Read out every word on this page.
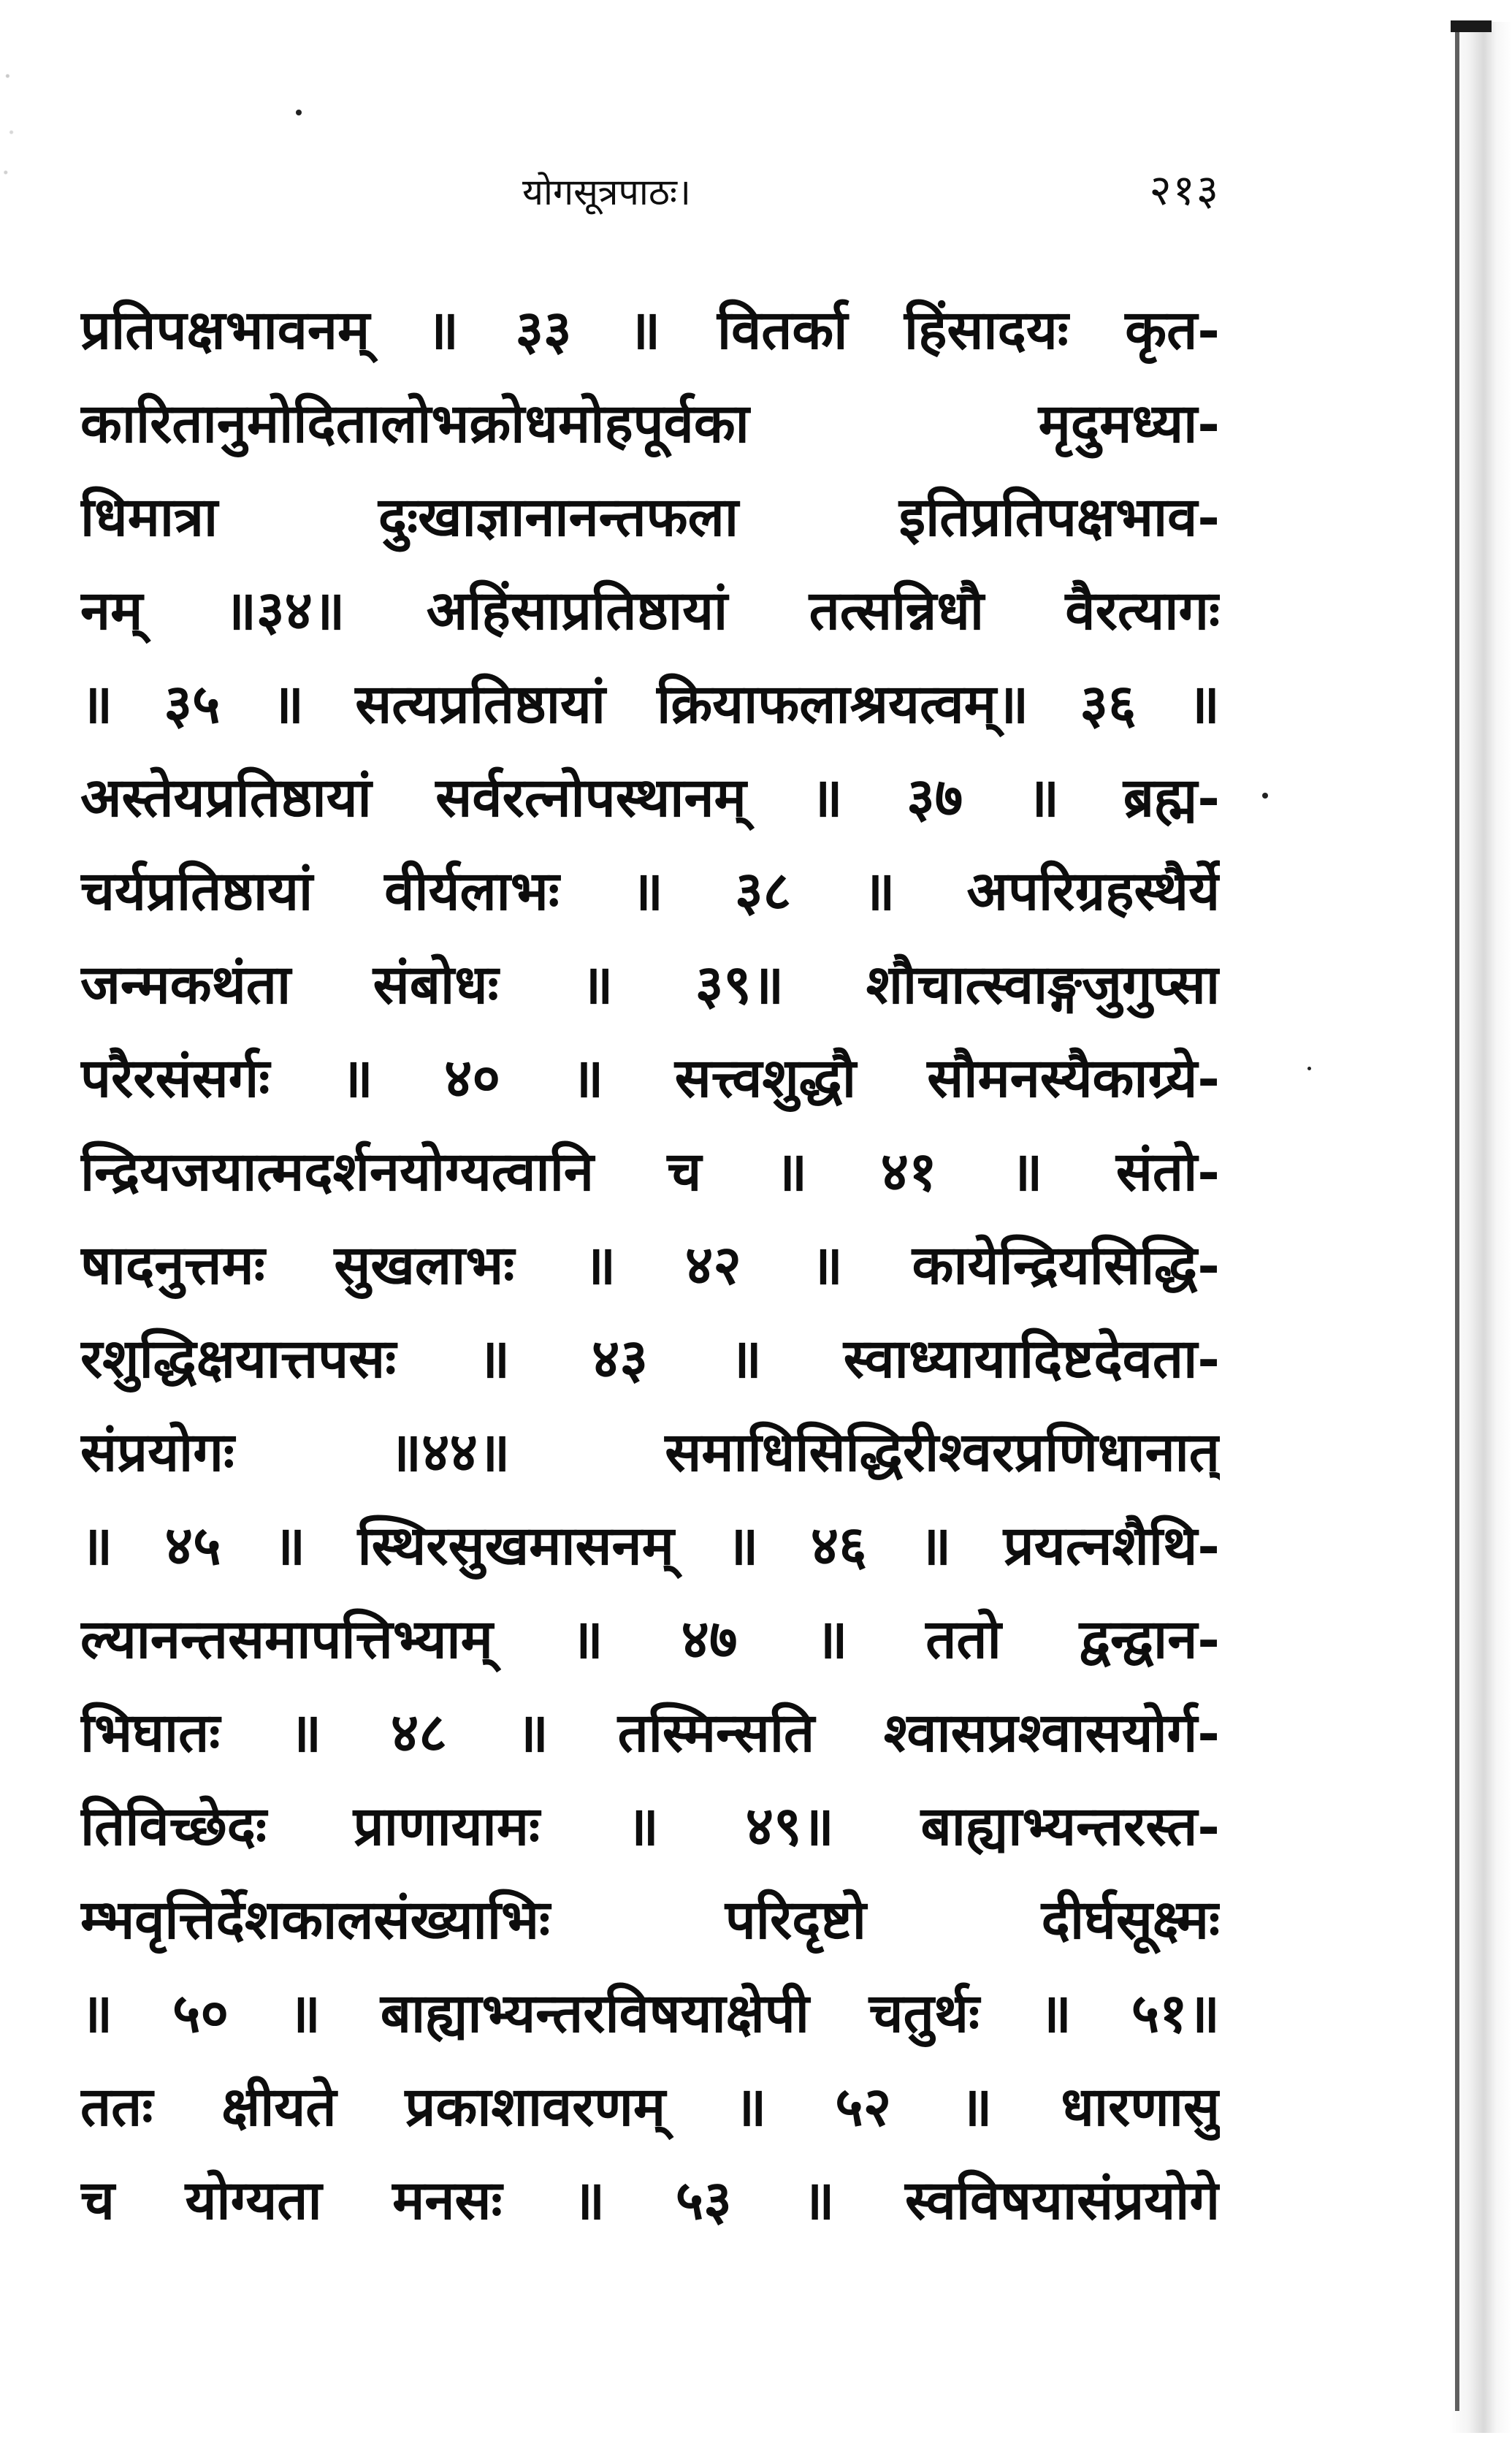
योगसूत्रपाठः।	२१३
प्रतिपक्षभावनम् ॥ ३३ ॥ वितर्का हिंसादयः कृत-
कारितानुमोदितालोभक्रोधमोहपूर्वका मृदुमध्या-
धिमात्रा दुःखाज्ञानानन्तफला इतिप्रतिपक्षभाव-
नम् ॥३४॥ अहिंसाप्रतिष्ठायां तत्सन्निधौ वैरत्यागः
॥ ३५ ॥ सत्यप्रतिष्ठायां क्रियाफलाश्रयत्वम्॥ ३६ ॥
अस्तेयप्रतिष्ठायां सर्वरत्नोपस्थानम् ॥ ३७ ॥ ब्रह्म-
चर्यप्रतिष्ठायां वीर्यलाभः ॥ ३८ ॥ अपरिग्रहस्थैर्ये
जन्मकथंता संबोधः ॥ ३९॥ शौचात्स्वाङ्गजुगुप्सा
परैरसंसर्गः ॥ ४० ॥ सत्त्वशुद्धौ सौमनस्यैकाग्र्ये-
न्द्रियजयात्मदर्शनयोग्यत्वानि च ॥ ४१ ॥ संतो-
षादनुत्तमः सुखलाभः ॥ ४२ ॥ कायेन्द्रियसिद्धि-
रशुद्धिक्षयात्तपसः ॥ ४३ ॥ स्वाध्यायादिष्टदेवता-
संप्रयोगः ॥४४॥ समाधिसिद्धिरीश्वरप्रणिधानात्
॥ ४५ ॥ स्थिरसुखमासनम् ॥ ४६ ॥ प्रयत्नशैथि-
ल्यानन्तसमापत्तिभ्याम् ॥ ४७ ॥ ततो द्वन्द्वान-
भिघातः ॥ ४८ ॥ तस्मिन्सति श्वासप्रश्वासयोर्ग-
तिविच्छेदः प्राणायामः ॥ ४९॥ बाह्याभ्यन्तरस्त-
म्भवृत्तिर्देशकालसंख्याभिः परिदृष्टो दीर्घसूक्ष्मः
॥ ५० ॥ बाह्याभ्यन्तरविषयाक्षेपी चतुर्थः ॥ ५१॥
ततः क्षीयते प्रकाशावरणम् ॥ ५२ ॥ धारणासु
च योग्यता मनसः ॥ ५३ ॥ स्वविषयासंप्रयोगे
